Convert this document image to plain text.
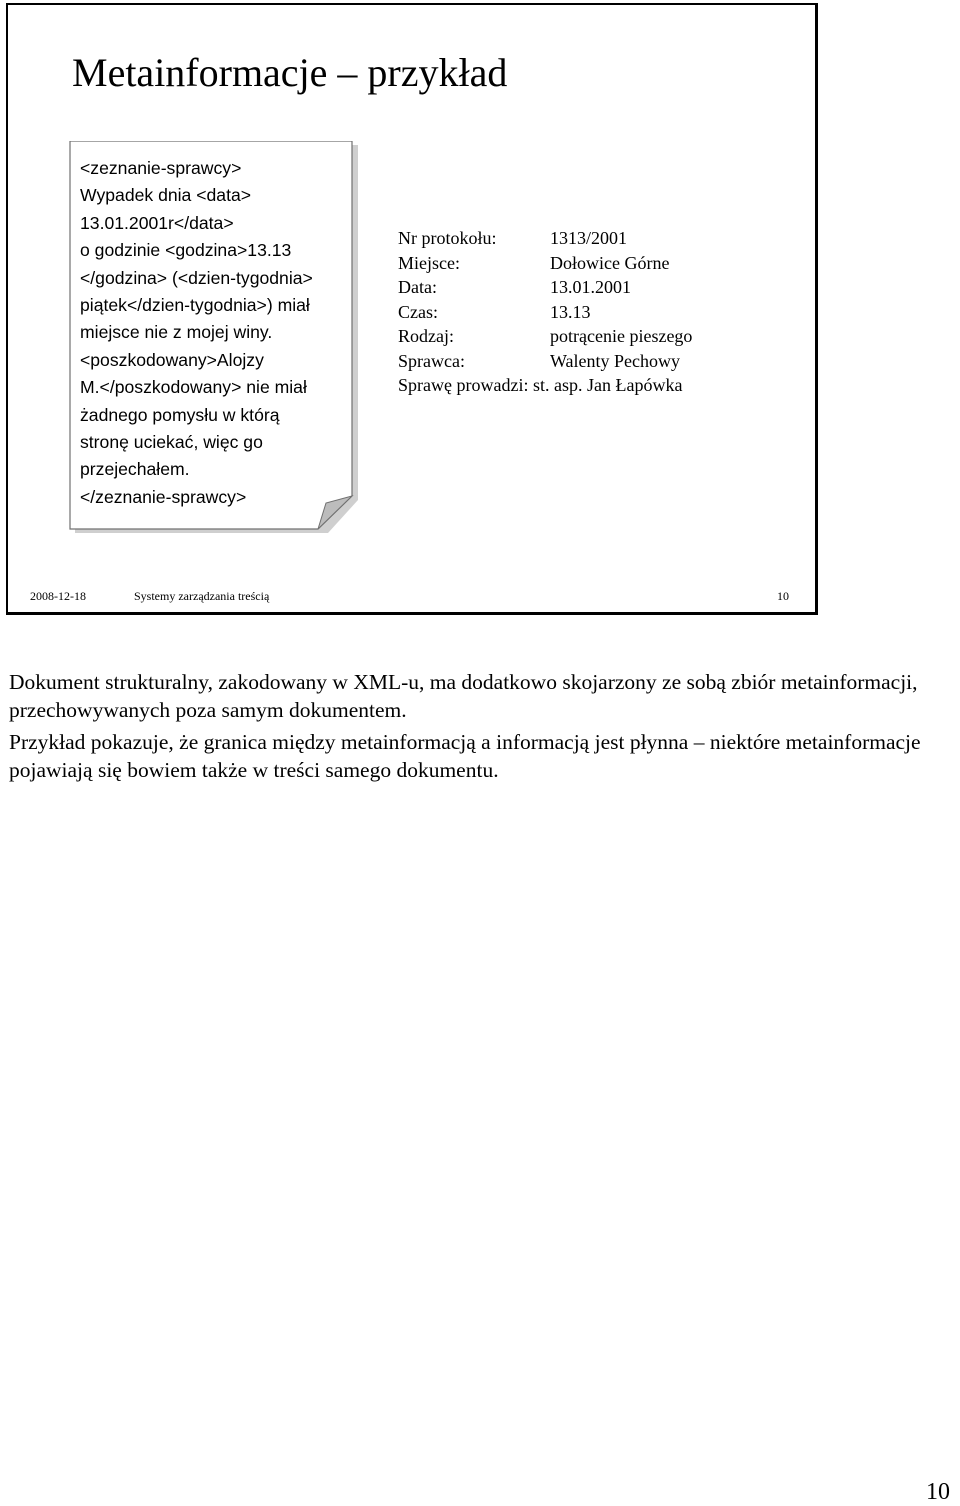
Metainformacje – przykład
<zeznanie-sprawcy>
Wypadek dnia <data>
13.01.2001r</data>
o godzinie <godzina>13.13
</godzina> (<dzien-tygodnia>
piątek</dzien-tygodnia>) miał
miejsce nie z mojej winy.
<poszkodowany>Alojzy
M.</poszkodowany> nie miał
żadnego pomysłu w którą
stronę uciekać, więc go
przejechałem.
</zeznanie-sprawcy>
Nr protokołu:	1313/2001
Miejsce:	Dołowice Górne
Data:	13.01.2001
Czas:	13.13
Rodzaj:	potrącenie pieszego
Sprawca:	Walenty Pechowy
Sprawę prowadzi: st. asp. Jan Łapówka
2008-12-18	Systemy zarządzania treścią	10

Dokument strukturalny, zakodowany w XML-u, ma dodatkowo skojarzony ze sobą zbiór metainformacji, przechowywanych poza samym dokumentem.

Przykład pokazuje, że granica między metainformacją a informacją jest płynna – niektóre metainformacje pojawiają się bowiem także w treści samego dokumentu.

10
